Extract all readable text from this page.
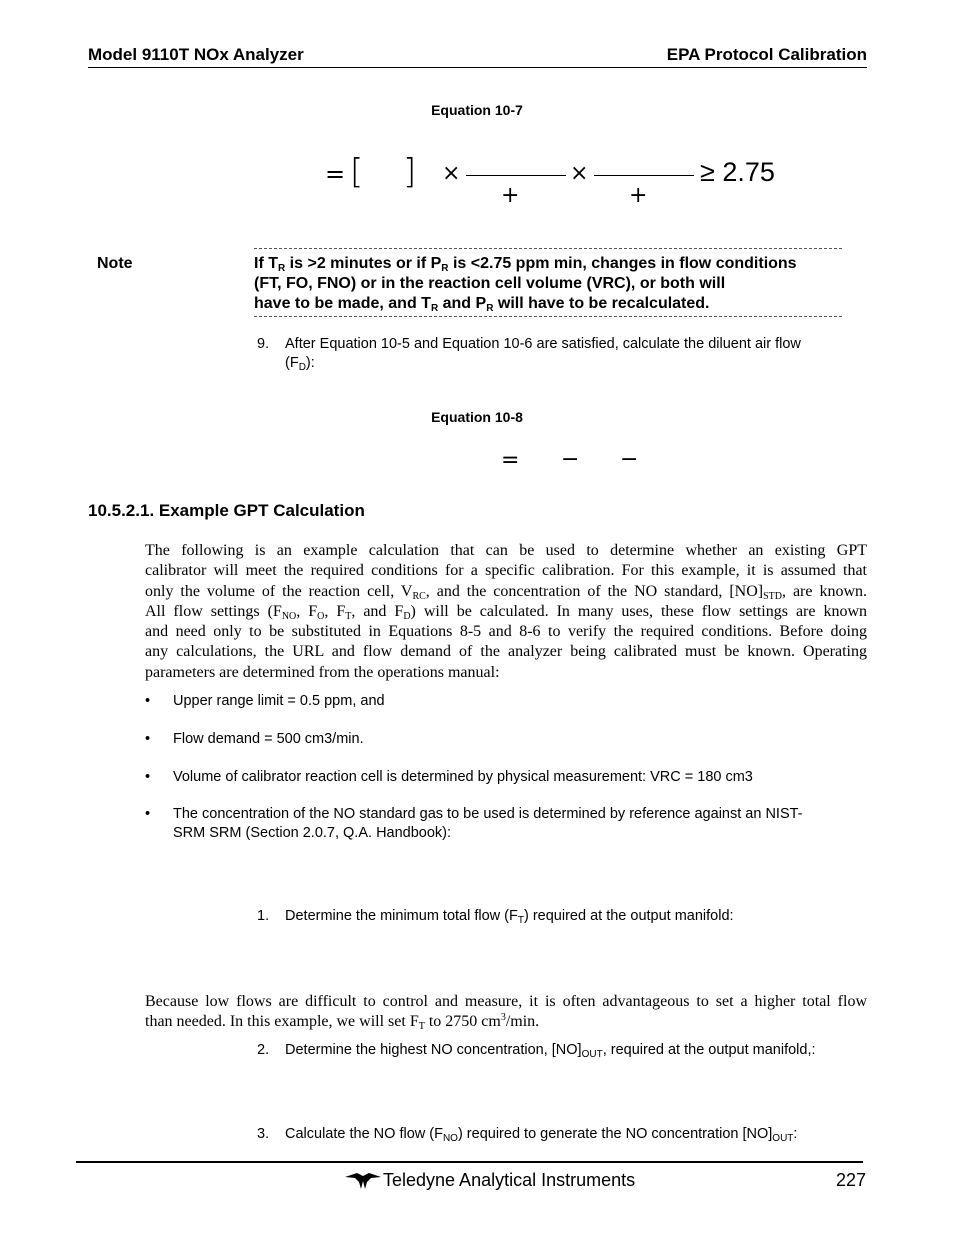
Model 9110T NOx Analyzer	EPA Protocol Calibration
Equation 10-7
= [ ] ×
+
×
+
≥ 2.75
Note	If $T_R$ is >2 minutes or if $P_R$ is <2.75 ppm min, changes in flow conditions
(FT, FO, FNO) or in the reaction cell volume (VRC), or both will
have to be made, and $T_R$ and $P_R$ will have to be recalculated.
9. After Equation 10-5 and Equation 10-6 are satisfied, calculate the diluent air flow
$(F_D)$:
Equation 10-8
= − −
10.5.2.1. Example GPT Calculation
The following is an example calculation that can be used to determine whether an existing GPT
calibrator will meet the required conditions for a specific calibration. For this example, it is assumed that
only the volume of the reaction cell, $V_{RC}$, and the concentration of the NO standard, $[NO]_{STD}$, are known.
All flow settings ($F_{NO}$, $F_O$, $F_T$, and $F_D$) will be calculated. In many uses, these flow settings are known
and need only to be substituted in Equations 8-5 and 8-6 to verify the required conditions. Before doing
any calculations, the URL and flow demand of the analyzer being calibrated must be known. Operating
parameters are determined from the operations manual:
• Upper range limit = 0.5 ppm, and
• Flow demand = 500 cm3/min.
• Volume of calibrator reaction cell is determined by physical measurement: VRC = 180 cm3
• The concentration of the NO standard gas to be used is determined by reference against an NIST-
SRM SRM (Section 2.0.7, Q.A. Handbook):
1. Determine the minimum total flow $(F_T)$ required at the output manifold:
Because low flows are difficult to control and measure, it is often advantageous to set a higher total flow
than needed. In this example, we will set $F_T$ to 2750 $cm^3/\min$.
2. Determine the highest NO concentration, $[NO]_{OUT}$, required at the output manifold,:
3. Calculate the NO flow $(F_{NO})$ required to generate the NO concentration $[NO]_{OUT}$:
Teledyne Analytical Instruments	227
